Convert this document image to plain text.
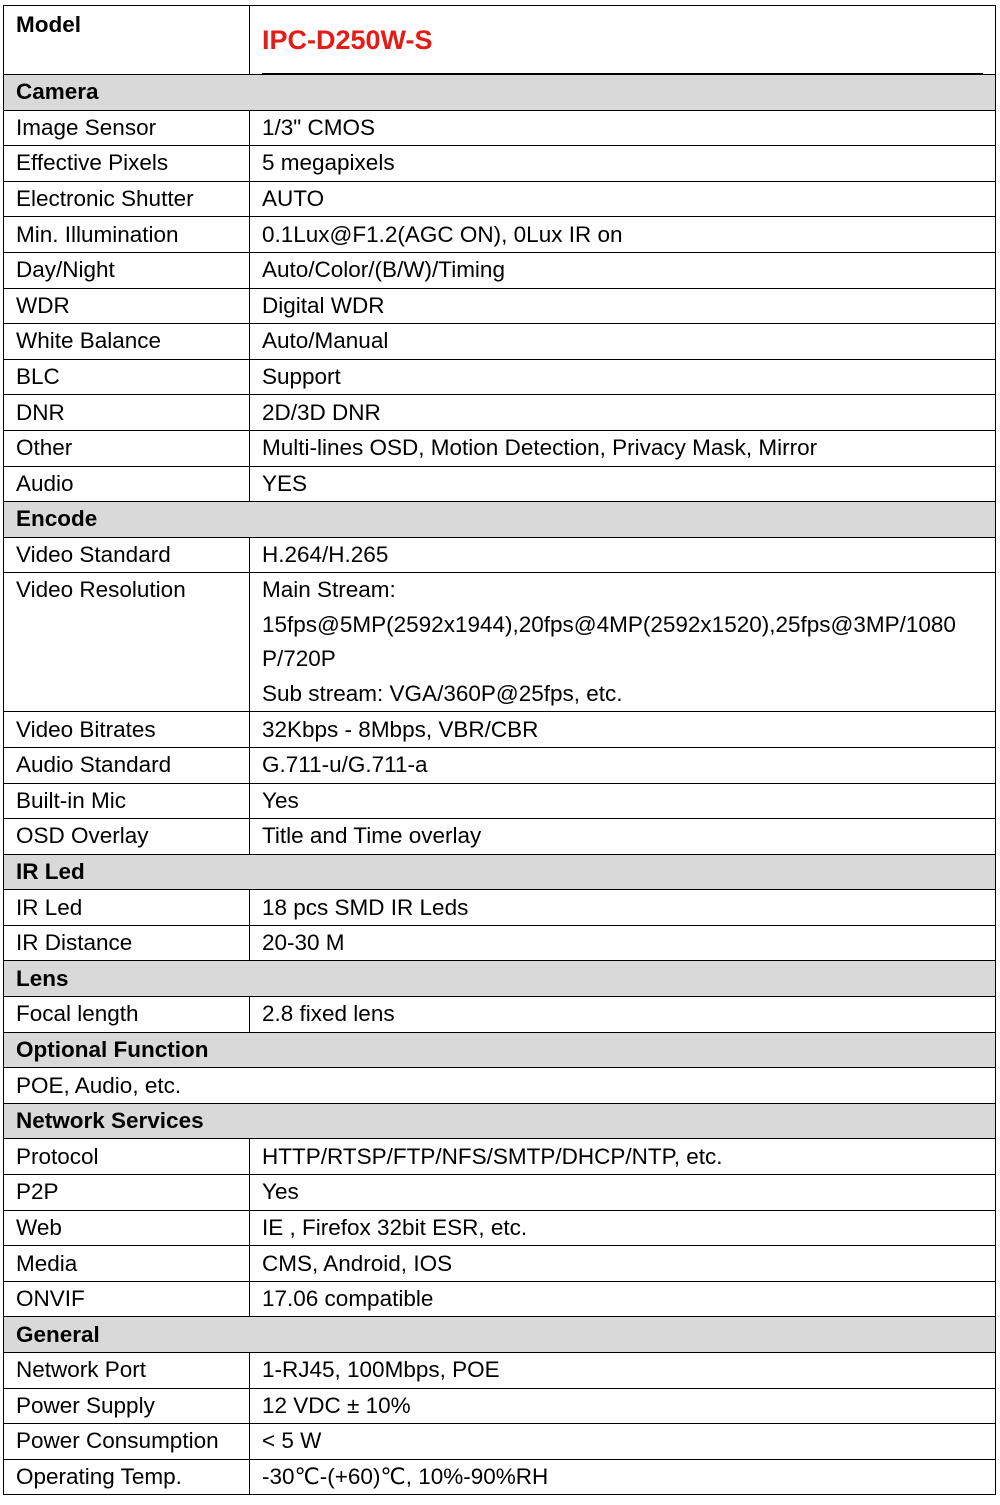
Model	IPC-D250W-S

Camera	
Image Sensor	1/3" CMOS
Effective Pixels	5 megapixels
Electronic Shutter	AUTO
Min. Illumination	0.1Lux@F1.2(AGC ON), 0Lux IR on
Day/Night	Auto/Color/(B/W)/Timing
WDR	Digital WDR
White Balance	Auto/Manual
BLC	Support
DNR	2D/3D DNR
Other	Multi-lines OSD, Motion Detection, Privacy Mask, Mirror
Audio	YES
Encode	
Video Standard	H.264/H.265
Video Resolution	Main Stream:
15fps@5MP(2592x1944),20fps@4MP(2592x1520),25fps@3MP/1080
P/720P
Sub stream: VGA/360P@25fps, etc.

Video Bitrates	32Kbps - 8Mbps, VBR/CBR
Audio Standard	G.711-u/G.711-a
Built-in Mic	Yes
OSD Overlay	Title and Time overlay
IR Led	
IR Led	18 pcs SMD IR Leds
IR Distance	20-30 M
Lens	
Focal length	2.8 fixed lens
Optional Function	
POE, Audio, etc.	
Network Services	
Protocol	HTTP/RTSP/FTP/NFS/SMTP/DHCP/NTP, etc.
P2P	Yes
Web	IE , Firefox 32bit ESR, etc.
Media	CMS, Android, IOS
ONVIF	17.06 compatible
General	
Network Port	1-RJ45, 100Mbps, POE
Power Supply	12 VDC ± 10%
Power Consumption	< 5 W
Operating Temp.	-30℃-(+60)℃, 10%-90%RH
